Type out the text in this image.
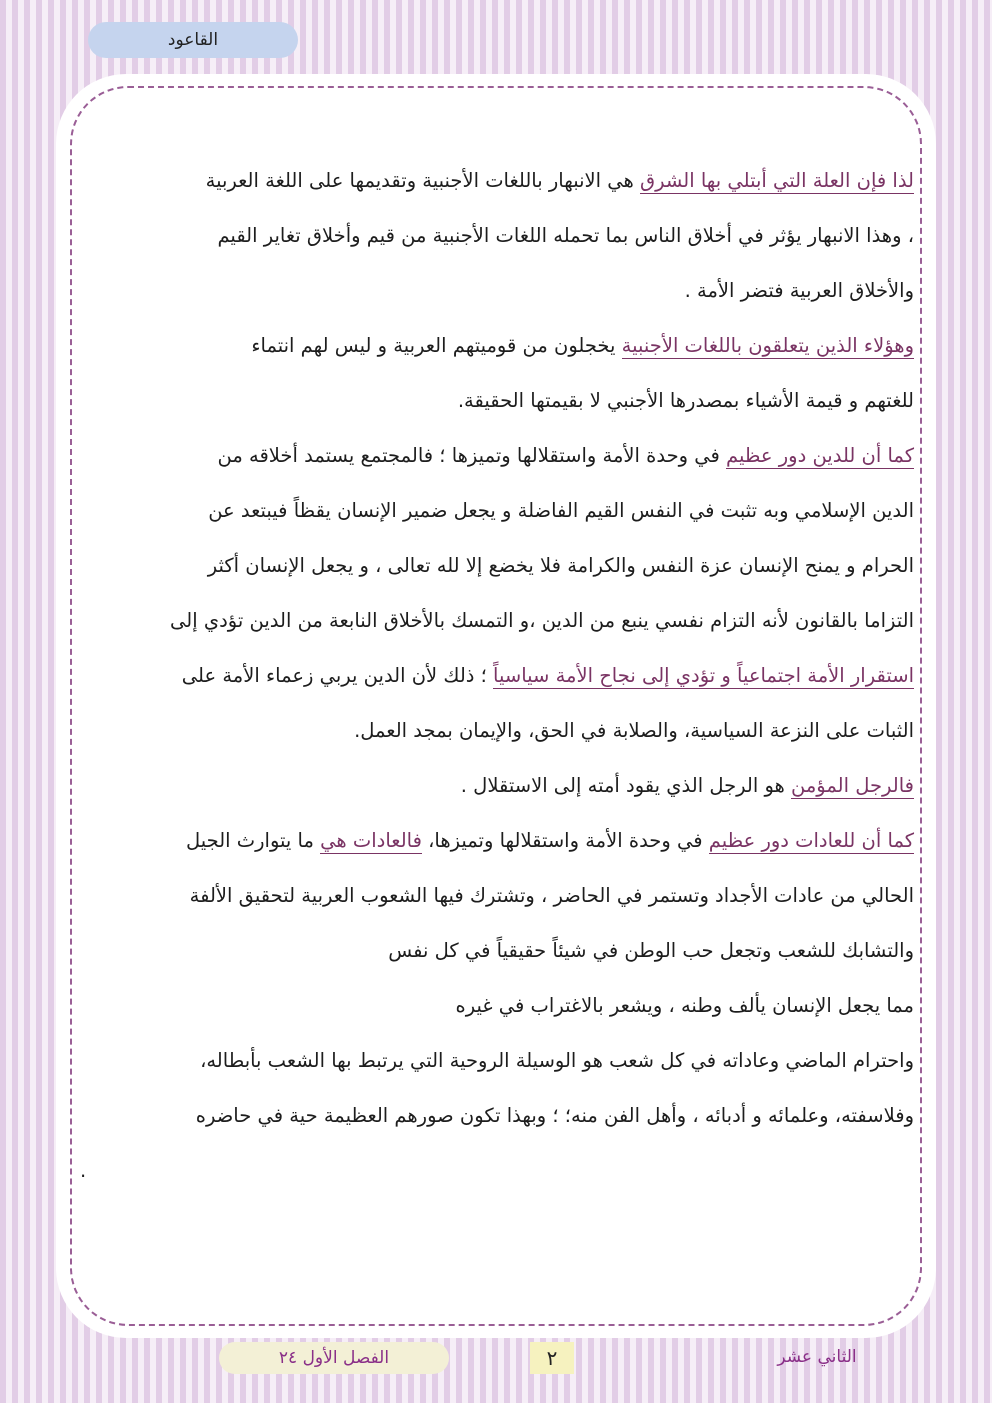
القاعود
لذا فإن العلة التي أبتلي بها الشرق هي الانبهار باللغات الأجنبية وتقديمها على اللغة العربية
، وهذا الانبهار يؤثر في أخلاق الناس بما تحمله اللغات الأجنبية من قيم وأخلاق تغاير القيم
والأخلاق العربية فتضر الأمة .
وهؤلاء الذين يتعلقون باللغات الأجنبية يخجلون من قوميتهم العربية و ليس لهم انتماء
للغتهم و قيمة الأشياء بمصدرها الأجنبي لا بقيمتها الحقيقة.
كما أن للدين دور عظيم في وحدة الأمة واستقلالها وتميزها ؛ فالمجتمع يستمد أخلاقه من
الدين الإسلامي وبه تثبت في النفس القيم الفاضلة و يجعل ضمير الإنسان يقظاً فيبتعد عن
الحرام و يمنح الإنسان عزة النفس والكرامة فلا يخضع إلا لله تعالى ، و يجعل الإنسان أكثر
التزاما بالقانون لأنه التزام نفسي ينبع من الدين ،و التمسك بالأخلاق النابعة من الدين تؤدي إلى
استقرار الأمة اجتماعياً و تؤدي إلى نجاح الأمة سياسياً ؛ ذلك لأن الدين يربي زعماء الأمة على
الثبات على النزعة السياسية، والصلابة في الحق، والإيمان بمجد العمل.
فالرجل المؤمن هو الرجل الذي يقود أمته إلى الاستقلال .
كما أن للعادات دور عظيم في وحدة الأمة واستقلالها وتميزها، فالعادات هي ما يتوارث الجيل
الحالي من عادات الأجداد وتستمر في الحاضر ، وتشترك فيها الشعوب العربية لتحقيق الألفة
والتشابك للشعب وتجعل حب الوطن في شيئاً حقيقياً في كل نفس
مما يجعل الإنسان يألف وطنه ، ويشعر بالاغتراب في غيره
واحترام الماضي وعاداته في كل شعب هو الوسيلة الروحية التي يرتبط بها الشعب بأبطاله،
وفلاسفته، وعلمائه و أدبائه ، وأهل الفن منه؛ ؛ وبهذا تكون صورهم العظيمة حية في حاضره
.
الثاني عشر
٢
الفصل الأول ٢٤
